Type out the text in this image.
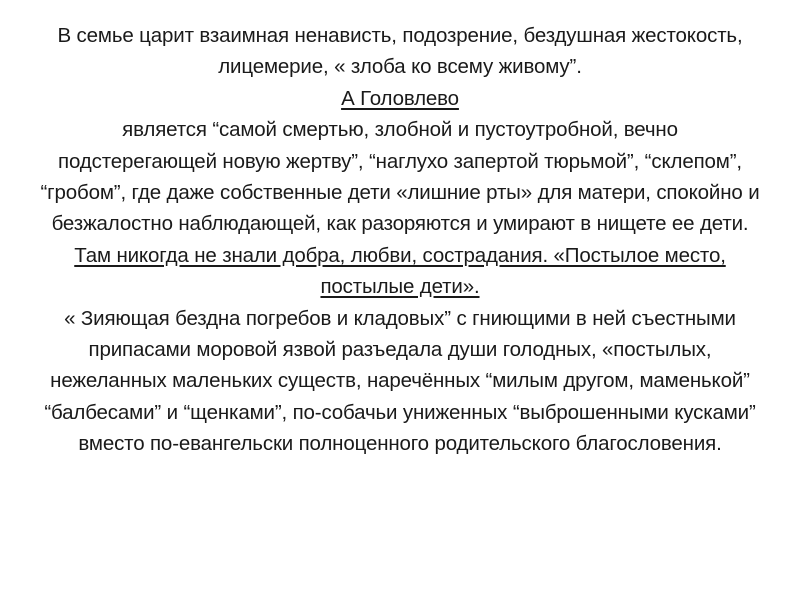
В семье царит взаимная ненависть, подозрение, бездушная жестокость, лицемерие, « злоба ко всему живому”.

А Головлево

является “самой смертью, злобной и пустоутробной, вечно подстерегающей новую жертву”, “наглухо запертой тюрьмой”, “склепом”, “гробом”, где даже собственные дети «лишние рты» для матери, спокойно и безжалостно наблюдающей, как разоряются и умирают в нищете ее дети.

Там никогда не знали добра, любви, сострадания. «Постылое место, постылые дети».

« Зияющая бездна погребов и кладовых” с гниющими в ней съестными припасами моровой язвой разъедала души голодных, «постылых, нежеланных маленьких существ, наречённых “милым другом, маменькой” “балбесами” и “щенками”, по-собачьи униженных “выброшенными кусками” вместо по-евангельски полноценного родительского благословения.
